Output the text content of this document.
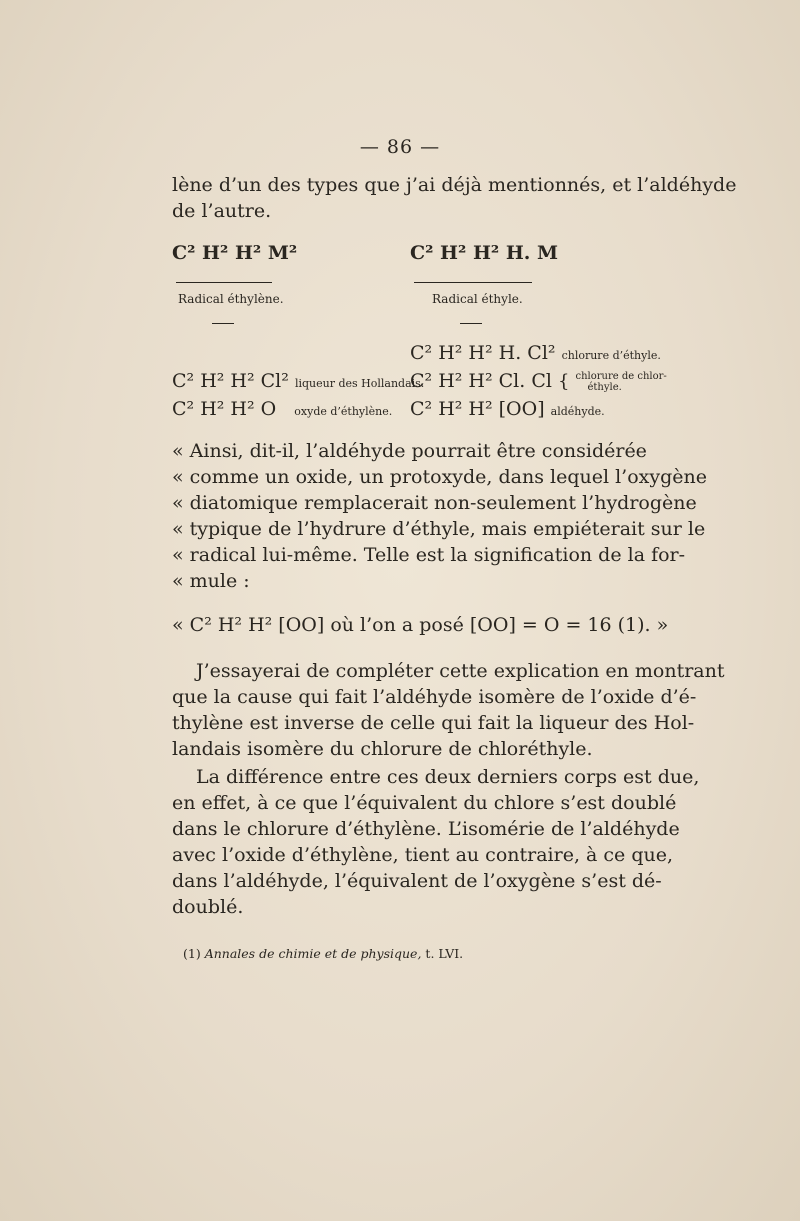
— 86 —
lène d’un des types que j’ai déjà mentionnés, et l’aldéhyde
de l’autre.
C² H² H² M²	C² H² H² H. M
Radical éthylène.	Radical éthyle.
C² H² H² H. Cl² chlorure d’éthyle.
C² H² H² Cl² liqueur des Hollandais.
C² H² H² Cl. Cl { chlorure de chlor-
éthyle.
C² H² H² O oxyde d’éthylène. C² H² H² [OO] aldéhyde.
« Ainsi, dit-il, l’aldéhyde pourrait être considérée
« comme un oxide, un protoxyde, dans lequel l’oxygène
« diatomique remplacerait non-seulement l’hydrogène
« typique de l’hydrure d’éthyle, mais empiéterait sur le
« radical lui-même. Telle est la signification de la for-
« mule :
« C² H² H² [OO] où l’on a posé [OO] = O = 16 (1). »
J’essayerai de compléter cette explication en montrant
que la cause qui fait l’aldéhyde isomère de l’oxide d’é-
thylène est inverse de celle qui fait la liqueur des Hol-
landais isomère du chlorure de chloréthyle.
La différence entre ces deux derniers corps est due,
en effet, à ce que l’équivalent du chlore s’est doublé
dans le chlorure d’éthylène. L’isomérie de l’aldéhyde
avec l’oxide d’éthylène, tient au contraire, à ce que,
dans l’aldéhyde, l’équivalent de l’oxygène s’est dé-
doublé.
(1) Annales de chimie et de physique, t. LVI.
